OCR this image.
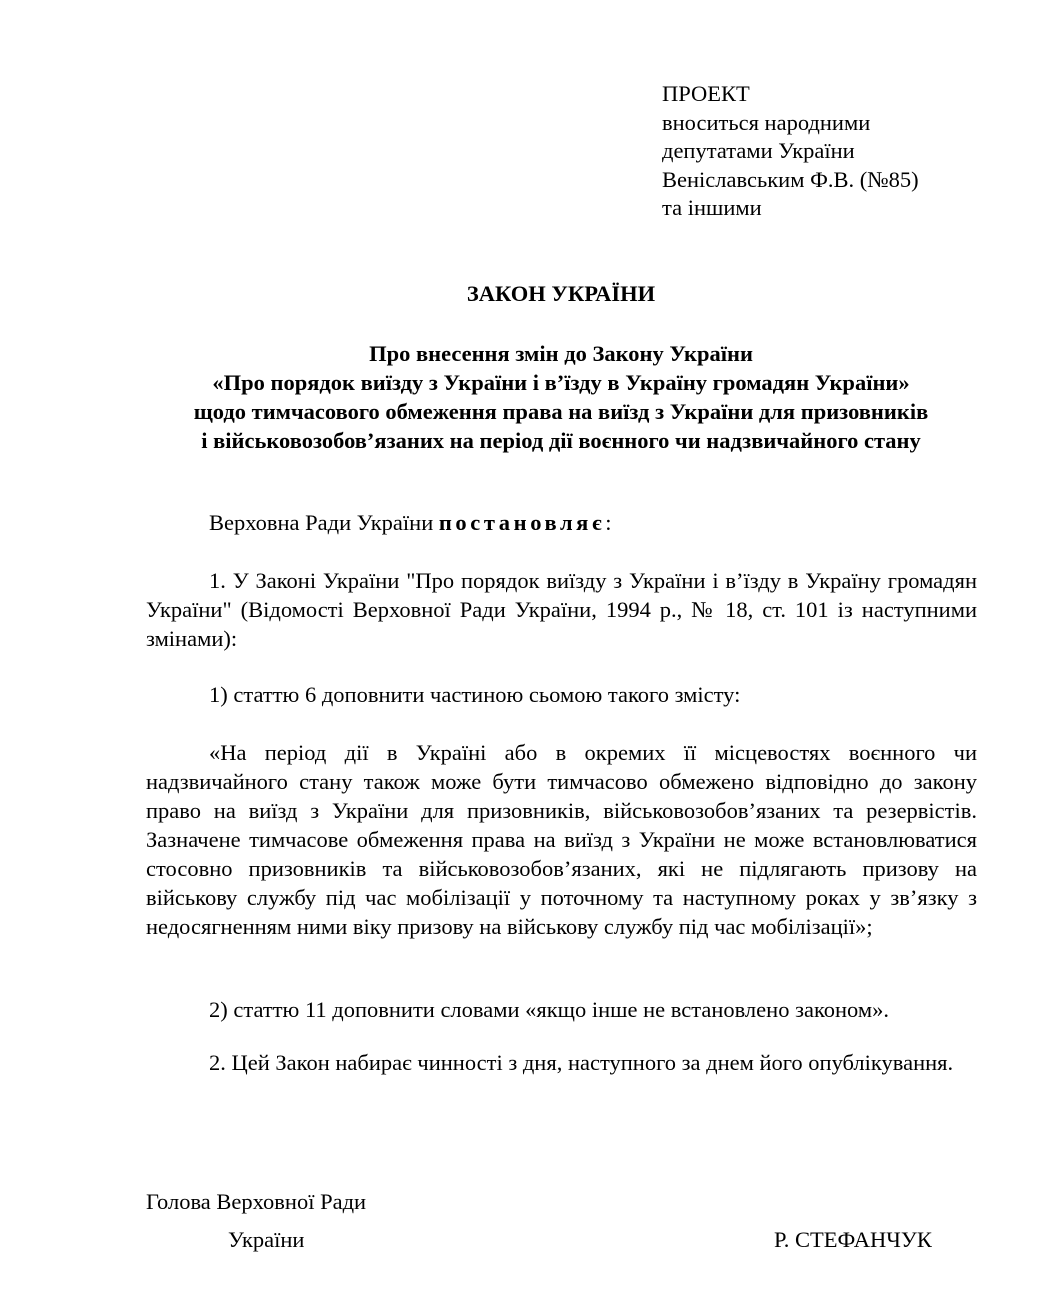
ПРОЕКТ
вноситься народними
депутатами України
Веніславським Ф.В. (№85)
та іншими
ЗАКОН УКРАЇНИ
Про внесення змін до Закону України
«Про порядок виїзду з України і в’їзду в Україну громадян України»
щодо тимчасового обмеження права на виїзд з України для призовників
і військовозобов’язаних на період дії воєнного чи надзвичайного стану
Верховна Ради України постановляє:
1. У Законі України "Про порядок виїзду з України і в’їзду в Україну громадян України" (Відомості Верховної Ради України, 1994 р., № 18, ст. 101 із наступними змінами):
1) статтю 6 доповнити частиною сьомою такого змісту:
«На період дії в Україні або в окремих її місцевостях воєнного чи надзвичайного стану також може бути тимчасово обмежено відповідно до закону право на виїзд з України для призовників, військовозобов’язаних та резервістів. Зазначене тимчасове обмеження права на виїзд з України не може встановлюватися стосовно призовників та військовозобов’язаних, які не підлягають призову на військову службу під час мобілізації у поточному та наступному роках у зв’язку з недосягненням ними віку призову на військову службу під час мобілізації»;
2) статтю 11 доповнити словами «якщо інше не встановлено законом».
2. Цей Закон набирає чинності з дня, наступного за днем його опублікування.
Голова Верховної Ради
України	Р. СТЕФАНЧУК
